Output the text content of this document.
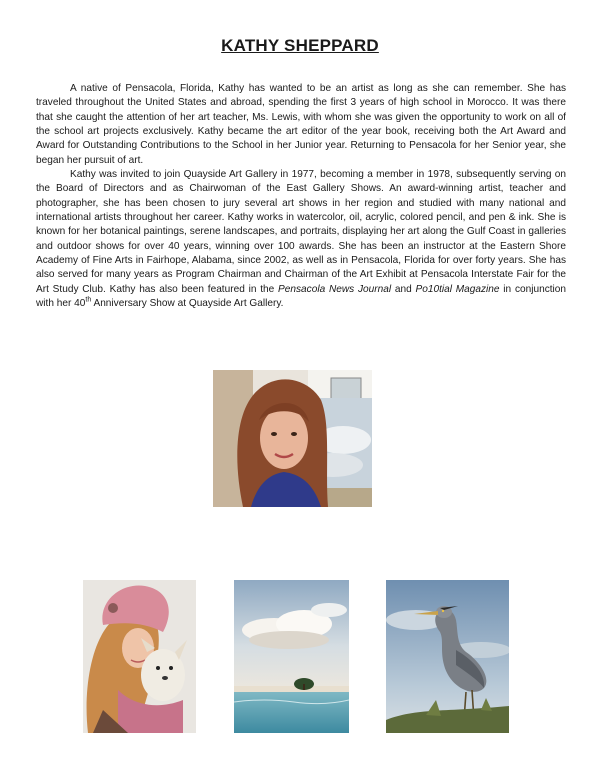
KATHY SHEPPARD

A native of Pensacola, Florida, Kathy has wanted to be an artist as long as she can remember. She has traveled throughout the United States and abroad, spending the first 3 years of high school in Morocco. It was there that she caught the attention of her art teacher, Ms. Lewis, with whom she was given the opportunity to work on all of the school art projects exclusively. Kathy became the art editor of the year book, receiving both the Art Award and Award for Outstanding Contributions to the School in her Junior year. Returning to Pensacola for her Senior year, she began her pursuit of art.

Kathy was invited to join Quayside Art Gallery in 1977, becoming a member in 1978, subsequently serving on the Board of Directors and as Chairwoman of the East Gallery Shows. An award-winning artist, teacher and photographer, she has been chosen to jury several art shows in her region and studied with many national and international artists throughout her career. Kathy works in watercolor, oil, acrylic, colored pencil, and pen & ink. She is known for her botanical paintings, serene landscapes, and portraits, displaying her art along the Gulf Coast in galleries and outdoor shows for over 40 years, winning over 100 awards. She has been an instructor at the Eastern Shore Academy of Fine Arts in Fairhope, Alabama, since 2002, as well as in Pensacola, Florida for over forty years. She has also served for many years as Program Chairman and Chairman of the Art Exhibit at Pensacola Interstate Fair for the Art Study Club. Kathy has also been featured in the Pensacola News Journal and Po10tial Magazine in conjunction with her 40th Anniversary Show at Quayside Art Gallery.
